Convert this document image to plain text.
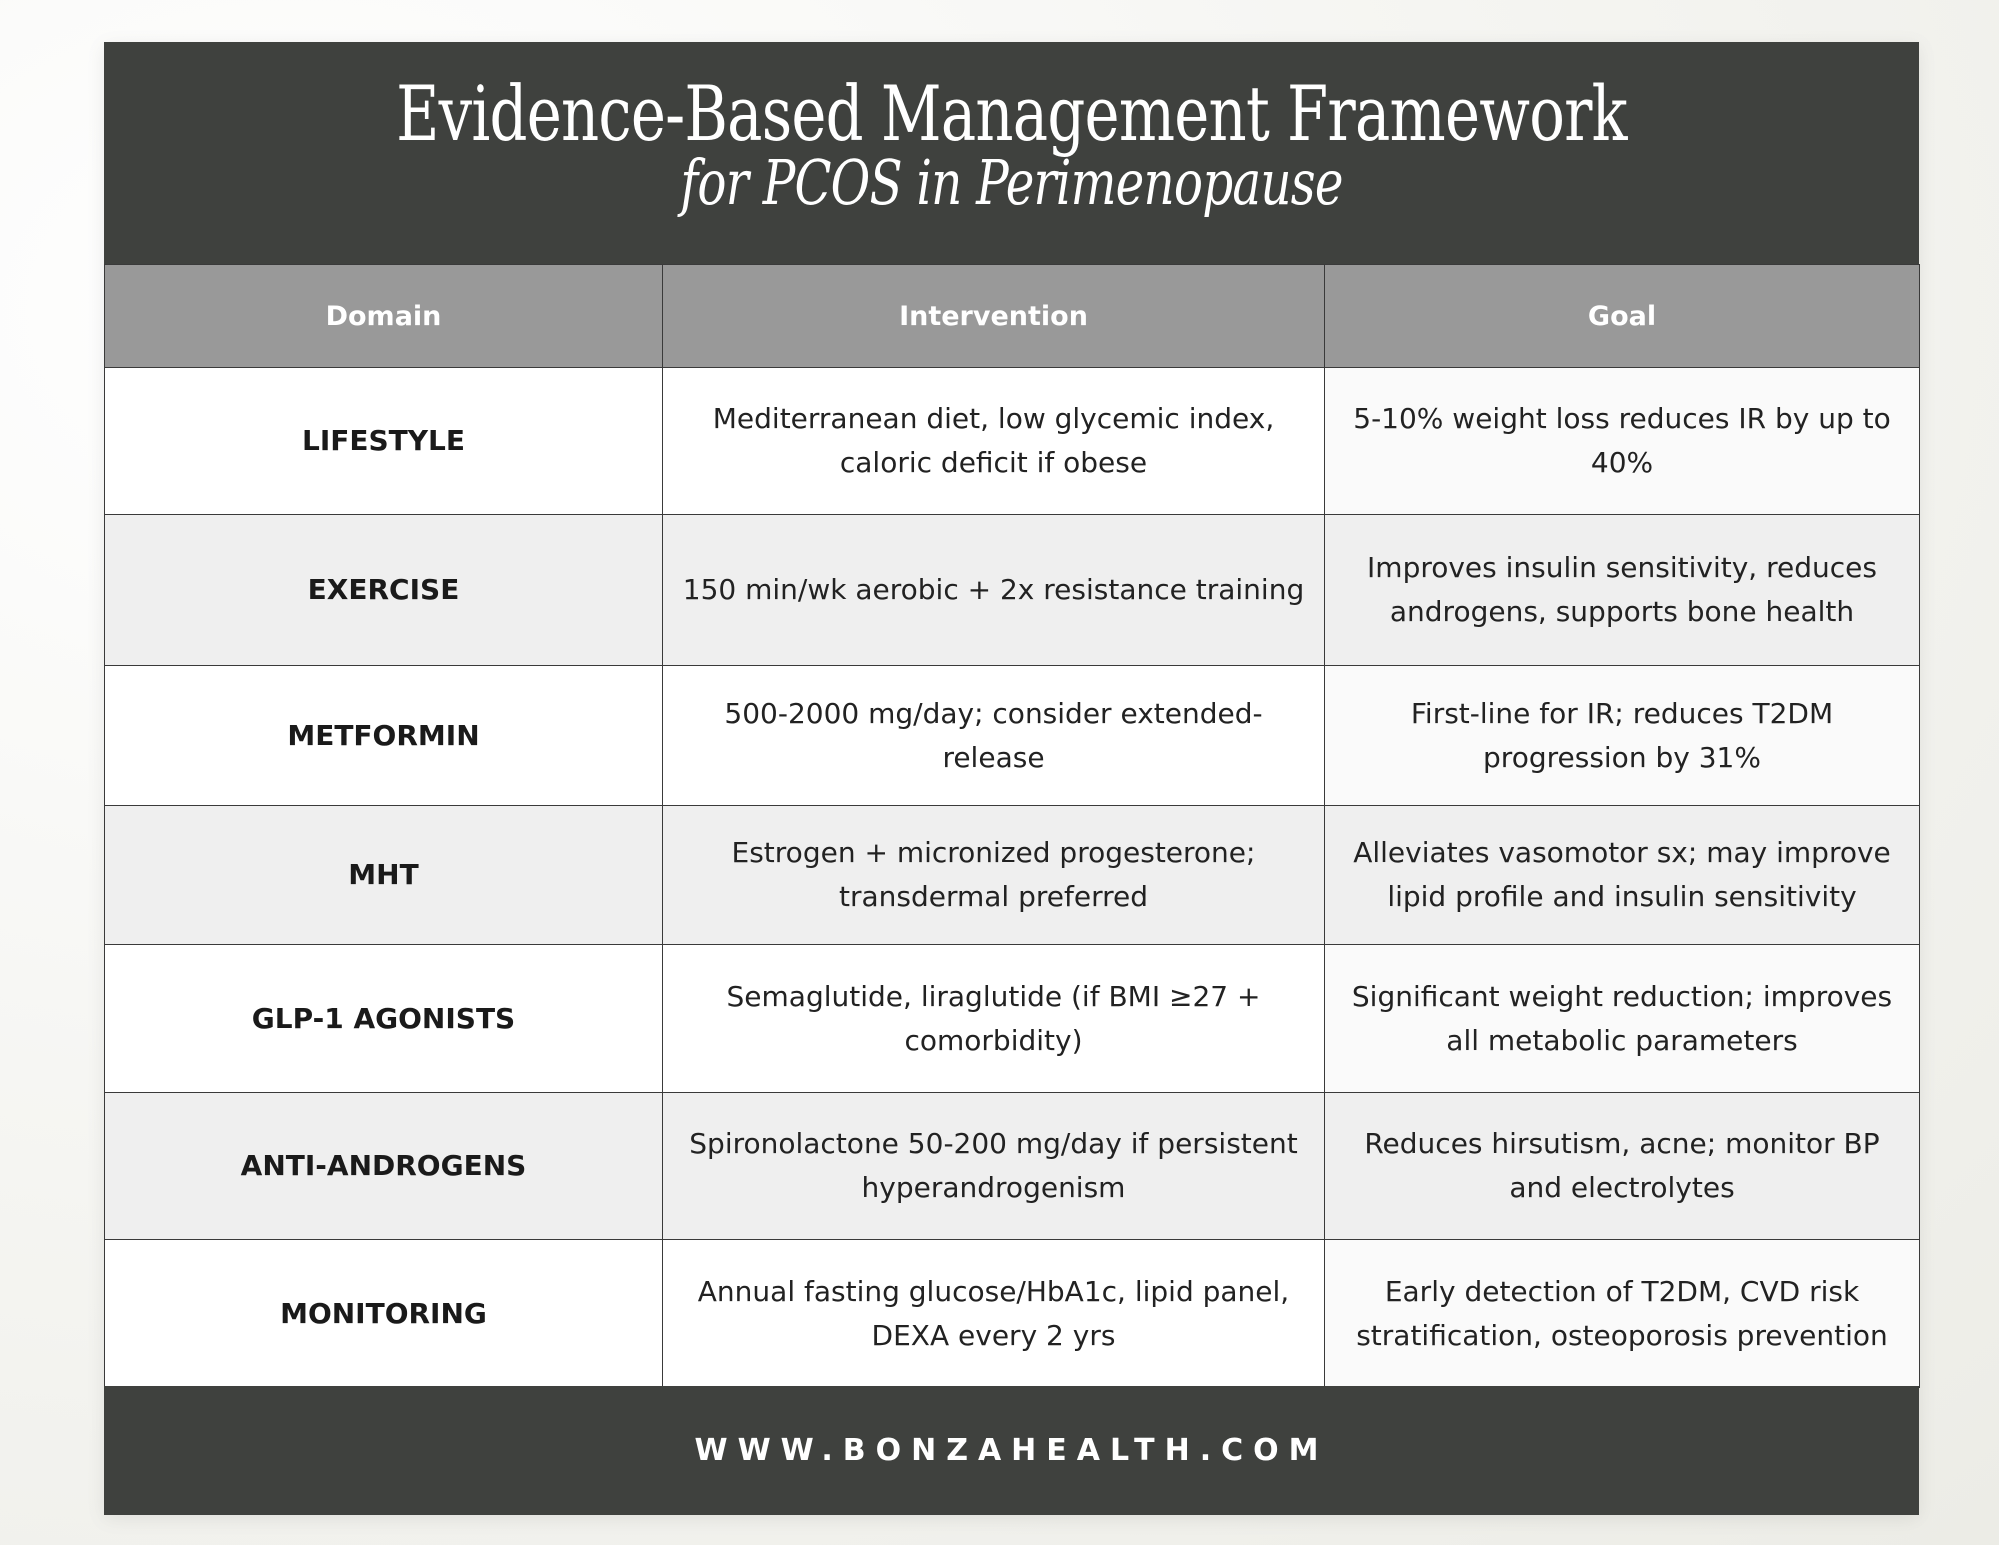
Evidence-Based Management Framework
for PCOS in Perimenopause
Domain	Intervention	Goal
LIFESTYLE	Mediterranean diet, low glycemic index, caloric deficit if obese	5-10% weight loss reduces IR by up to 40%
EXERCISE	150 min/wk aerobic + 2x resistance training	Improves insulin sensitivity, reduces androgens, supports bone health
METFORMIN	500-2000 mg/day; consider extended-release	First-line for IR; reduces T2DM progression by 31%
MHT	Estrogen + micronized progesterone; transdermal preferred	Alleviates vasomotor sx; may improve lipid profile and insulin sensitivity
GLP-1 AGONISTS	Semaglutide, liraglutide (if BMI ≥27 + comorbidity)	Significant weight reduction; improves all metabolic parameters
ANTI-ANDROGENS	Spironolactone 50-200 mg/day if persistent hyperandrogenism	Reduces hirsutism, acne; monitor BP and electrolytes
MONITORING	Annual fasting glucose/HbA1c, lipid panel, DEXA every 2 yrs	Early detection of T2DM, CVD risk stratification, osteoporosis prevention
WWW.BONZAHEALTH.COM
